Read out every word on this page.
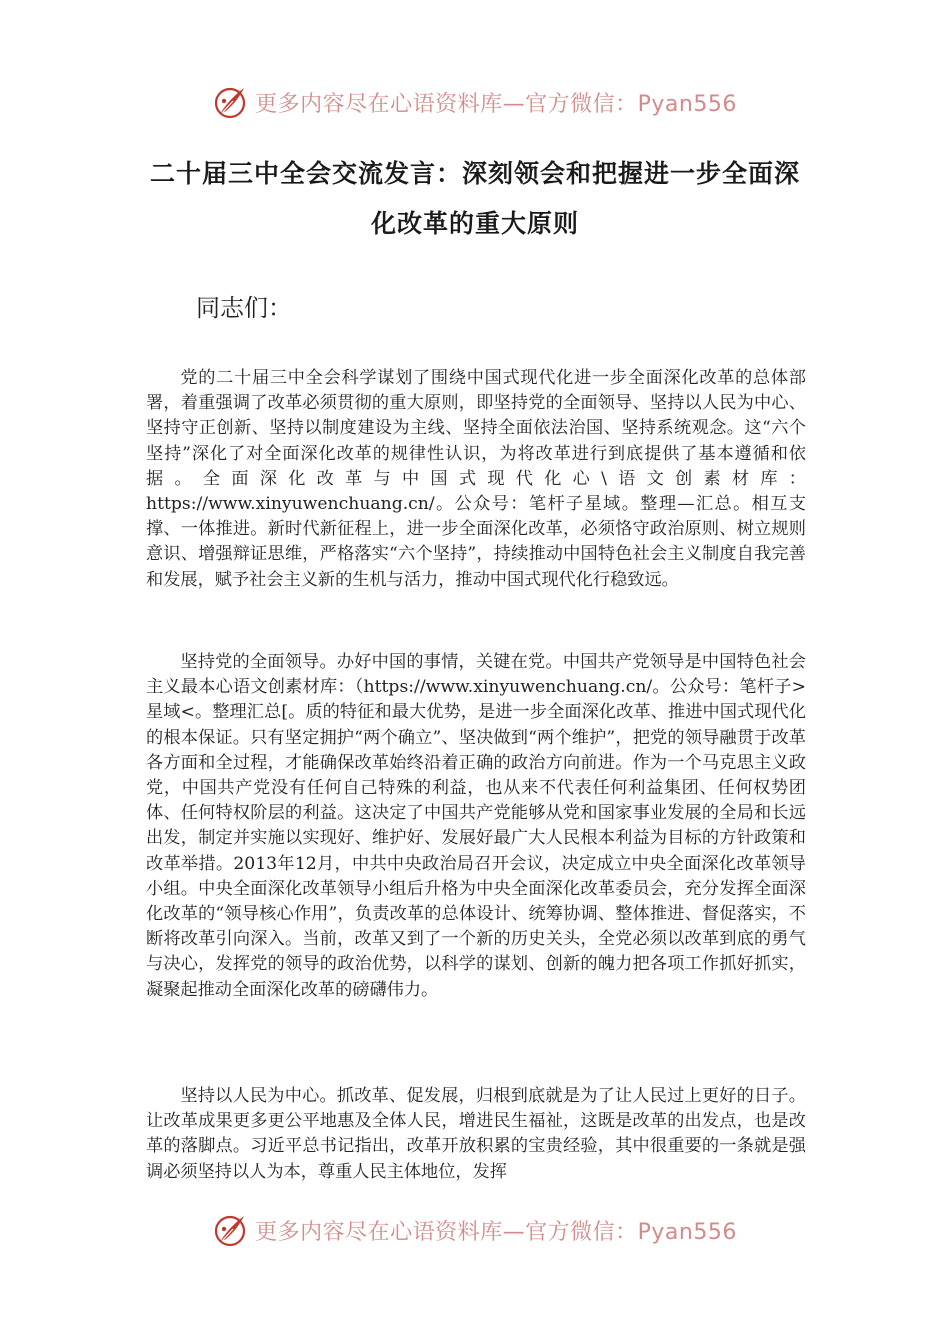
更多内容尽在心语资料库—官方微信：Pyan556
二十届三中全会交流发言：深刻领会和把握进一步全面深
化改革的重大原则
同志们：

党的二十届三中全会科学谋划了围绕中国式现代化进一步全面深化改革的总体部署，着重强调了改革必须贯彻的重大原则，即坚持党的全面领导、坚持以人民为中心、坚持守正创新、坚持以制度建设为主线、坚持全面依法治国、坚持系统观念。这“六个坚持”深化了对全面深化改革的规律性认识，为将改革进行到底提供了基本遵循和依据。全面深化改革与中国式现代化心\语文创素材库：https://www.xinyuwenchuang.cn/。公众号：笔杆子星域。整理—汇总。相互支撑、一体推进。新时代新征程上，进一步全面深化改革，必须恪守政治原则、树立规则意识、增强辩证思维，严格落实“六个坚持”，持续推动中国特色社会主义制度自我完善和发展，赋予社会主义新的生机与活力，推动中国式现代化行稳致远。

坚持党的全面领导。办好中国的事情，关键在党。中国共产党领导是中国特色社会主义最本心语文创素材库：（https://www.xinyuwenchuang.cn/。公众号：笔杆子>星域<。整理汇总[。质的特征和最大优势，是进一步全面深化改革、推进中国式现代化的根本保证。只有坚定拥护“两个确立”、坚决做到“两个维护”，把党的领导融贯于改革各方面和全过程，才能确保改革始终沿着正确的政治方向前进。作为一个马克思主义政党，中国共产党没有任何自己特殊的利益，也从来不代表任何利益集团、任何权势团体、任何特权阶层的利益。这决定了中国共产党能够从党和国家事业发展的全局和长远出发，制定并实施以实现好、维护好、发展好最广大人民根本利益为目标的方针政策和改革举措。2013年12月，中共中央政治局召开会议，决定成立中央全面深化改革领导小组。中央全面深化改革领导小组后升格为中央全面深化改革委员会，充分发挥全面深化改革的“领导核心作用”，负责改革的总体设计、统筹协调、整体推进、督促落实，不断将改革引向深入。当前，改革又到了一个新的历史关头，全党必须以改革到底的勇气与决心，发挥党的领导的政治优势，以科学的谋划、创新的魄力把各项工作抓好抓实，凝聚起推动全面深化改革的磅礴伟力。

坚持以人民为中心。抓改革、促发展，归根到底就是为了让人民过上更好的日子。让改革成果更多更公平地惠及全体人民，增进民生福祉，这既是改革的出发点，也是改革的落脚点。习近平总书记指出，改革开放积累的宝贵经验，其中很重要的一条就是强调必须坚持以人为本，尊重人民主体地位，发挥

更多内容尽在心语资料库—官方微信：Pyan556
